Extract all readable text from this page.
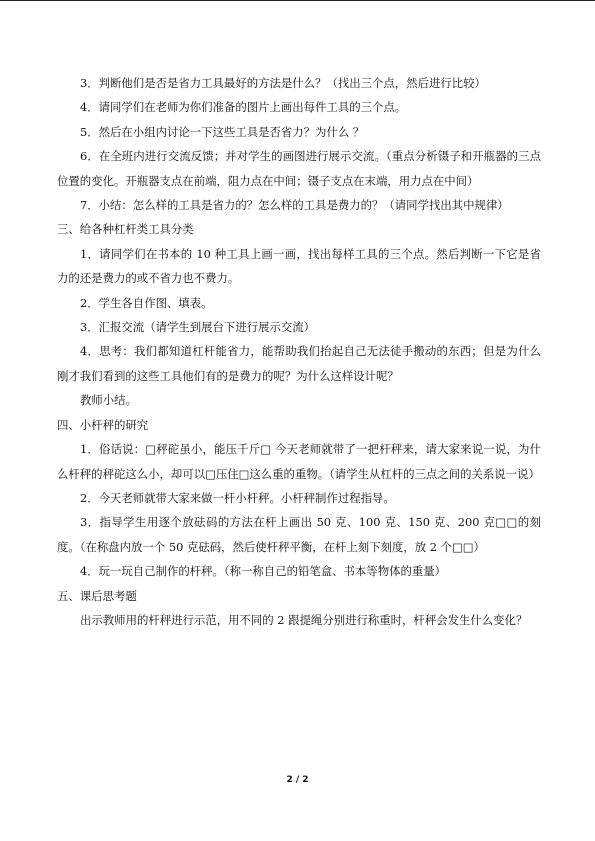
3．判断他们是否是省力工具最好的方法是什么？（找出三个点，然后进行比较）

4．请同学们在老师为你们准备的图片上画出每件工具的三个点。

5．然后在小组内讨论一下这些工具是否省力？为什么 ？

6．在全班内进行交流反馈；并对学生的画图进行展示交流。（重点分析镊子和开瓶器的三点位置的变化。开瓶器支点在前端，阻力点在中间；镊子支点在末端，用力点在中间）

7．小结：怎么样的工具是省力的？怎么样的工具是费力的？（请同学找出其中规律）

三、给各种杠杆类工具分类

1．请同学们在书本的 10 种工具上画一画，找出每样工具的三个点。然后判断一下它是省力的还是费力的或不省力也不费力。

2．学生各自作图、填表。

3．汇报交流（请学生到展台下进行展示交流）

4．思考：我们都知道杠杆能省力，能帮助我们抬起自己无法徒手搬动的东西；但是为什么刚才我们看到的这些工具他们有的是费力的呢？为什么这样设计呢？

教师小结。

四、小杆秤的研究

1．俗话说：□秤砣虽小，能压千斤□ 今天老师就带了一把杆秤来，请大家来说一说，为什么杆秤的秤砣这么小，却可以□压住□这么重的重物。（请学生从杠杆的三点之间的关系说一说）

2．今天老师就带大家来做一杆小杆秤。小杆秤制作过程指导。

3．指导学生用逐个放砝码的方法在杆上画出 50 克、100 克、150 克、200 克□□的刻度。（在称盘内放一个 50 克砝码，然后使杆秤平衡，在杆上刻下刻度，放 2 个□□）

4．玩一玩自己制作的杆秤。（称一称自己的铅笔盒、书本等物体的重量）

五、课后思考题

出示教师用的杆秤进行示范，用不同的 2 跟提绳分别进行称重时，杆秤会发生什么变化？

2 / 2
